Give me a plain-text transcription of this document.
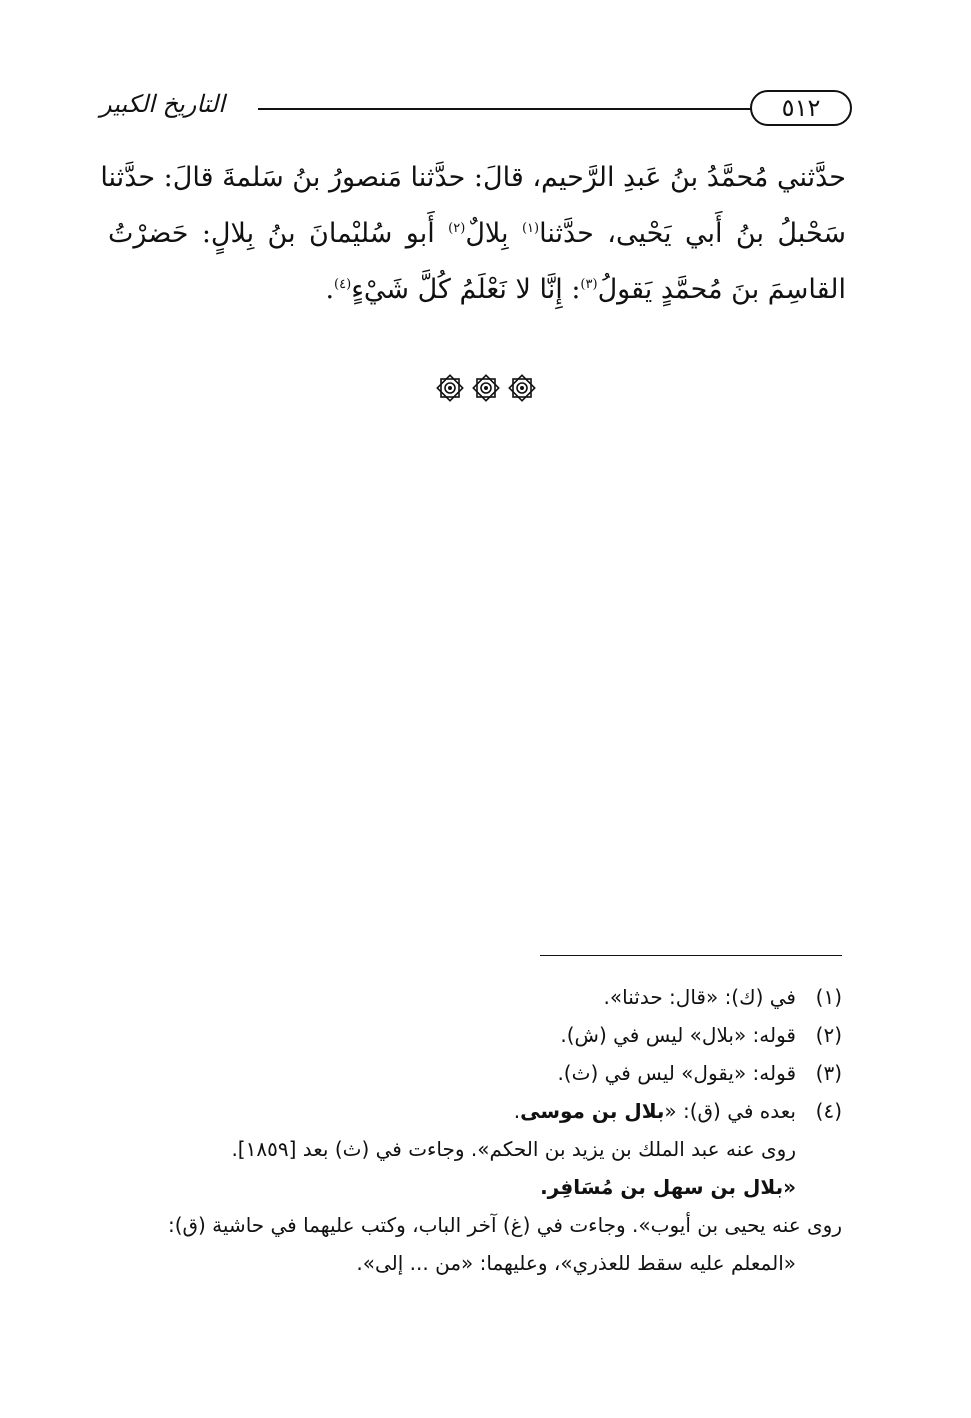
٥١٢
التاريخ الكبير
حدَّثني مُحمَّدُ بنُ عَبدِ الرَّحيم، قالَ: حدَّثنا مَنصورُ بنُ سَلمةَ قالَ: حدَّثنا
سَحْبلُ بنُ أَبي يَحْيى، حدَّثنا$^{(١)}$ بِلالٌ$^{(٢)}$ أَبو سُليْمانَ بنُ بِلالٍ: حَضرْتُ
القاسِمَ بنَ مُحمَّدٍ يَقولُ$^{(٣)}$: إِنَّا لا نَعْلَمُ كُلَّ شَيْءٍ$^{(٤)}$.
(١)
في (ك): «قال: حدثنا».
(٢)
قوله: «بلال» ليس في (ش).
(٣)
قوله: «يقول» ليس في (ث).
(٤)
بعده في (ق): «بلال بن موسى.
روى عنه عبد الملك بن يزيد بن الحكم». وجاءت في (ث) بعد [١٨٥٩].
«بلال بن سهل بن مُسَافِر.
روى عنه يحيى بن أيوب». وجاءت في (غ) آخر الباب، وكتب عليهما في حاشية (ق):
«المعلم عليه سقط للعذري»، وعليهما: «من ... إلى».
